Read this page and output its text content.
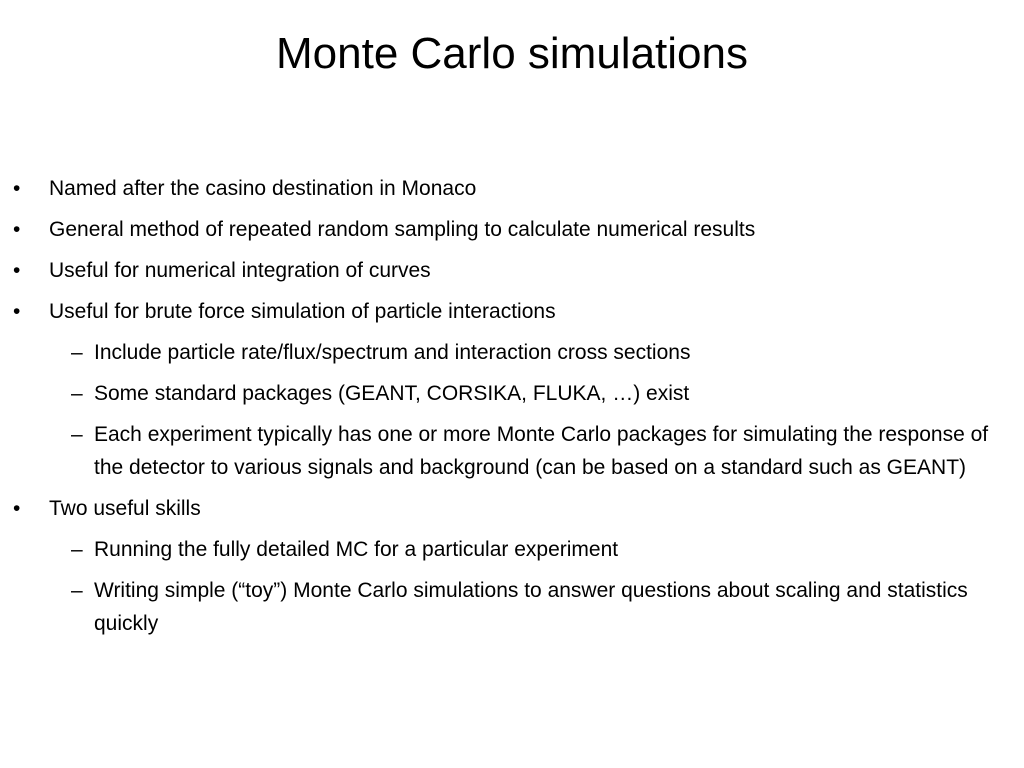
Monte Carlo simulations
• Named after the casino destination in Monaco
• General method of repeated random sampling to calculate numerical results
• Useful for numerical integration of curves
• Useful for brute force simulation of particle interactions
– Include particle rate/flux/spectrum and interaction cross sections
– Some standard packages (GEANT, CORSIKA, FLUKA, …) exist
– Each experiment typically has one or more Monte Carlo packages for simulating the response of the detector to various signals and background (can be based on a standard such as GEANT)
• Two useful skills
– Running the fully detailed MC for a particular experiment
– Writing simple (“toy”) Monte Carlo simulations to answer questions about scaling and statistics quickly
